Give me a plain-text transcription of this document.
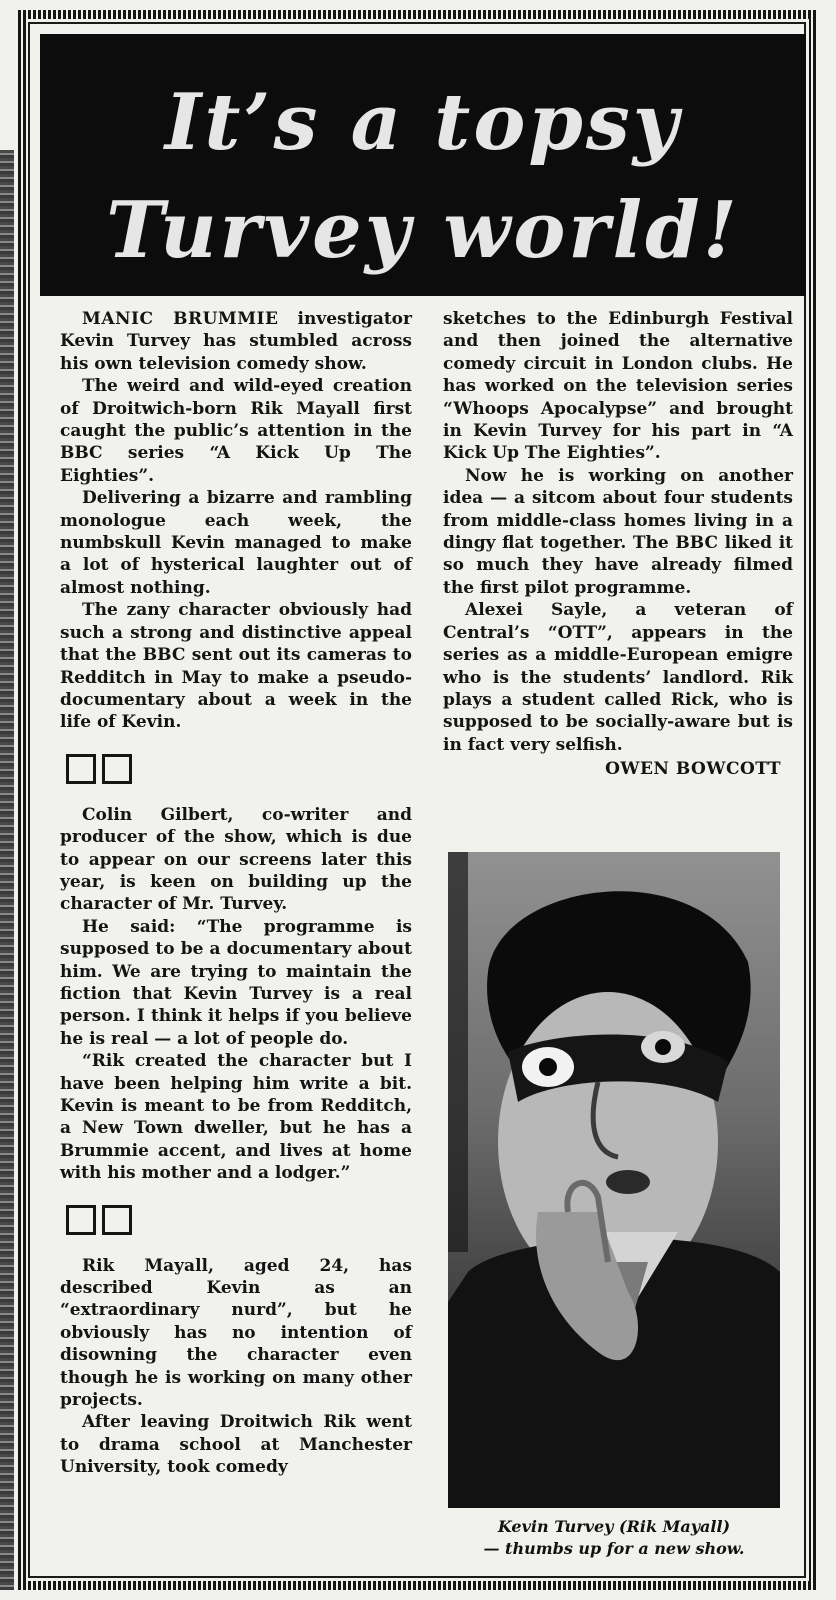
It’s a topsy
Turvey world!

MANIC BRUMMIE investigator Kevin Turvey has stumbled across his own television comedy show.

The weird and wild-eyed creation of Droitwich-born Rik Mayall first caught the public’s attention in the BBC series “A Kick Up The Eighties”.

Delivering a bizarre and rambling monologue each week, the numbskull Kevin managed to make a lot of hysterical laughter out of almost nothing.

The zany character obviously had such a strong and distinctive appeal that the BBC sent out its cameras to Redditch in May to make a pseudo-documentary about a week in the life of Kevin.

Colin Gilbert, co-writer and producer of the show, which is due to appear on our screens later this year, is keen on building up the character of Mr. Turvey.

He said: “The programme is supposed to be a documentary about him. We are trying to maintain the fiction that Kevin Turvey is a real person. I think it helps if you believe he is real — a lot of people do.

“Rik created the character but I have been helping him write a bit. Kevin is meant to be from Redditch, a New Town dweller, but he has a Brummie accent, and lives at home with his mother and a lodger.”

Rik Mayall, aged 24, has described Kevin as an “extraordinary nurd”, but he obviously has no intention of disowning the character even though he is working on many other projects.

After leaving Droitwich Rik went to drama school at Manchester University, took comedy

sketches to the Edinburgh Festival and then joined the alternative comedy circuit in London clubs. He has worked on the television series “Whoops Apocalypse” and brought in Kevin Turvey for his part in “A Kick Up The Eighties”.

Now he is working on another idea — a sitcom about four students from middle-class homes living in a dingy flat together. The BBC liked it so much they have already filmed the first pilot programme.

Alexei Sayle, a veteran of Central’s “OTT”, appears in the series as a middle-European emigre who is the students’ landlord. Rik plays a student called Rick, who is supposed to be socially-aware but is in fact very selfish.

OWEN BOWCOTT
Kevin Turvey (Rik Mayall)
— thumbs up for a new show.
